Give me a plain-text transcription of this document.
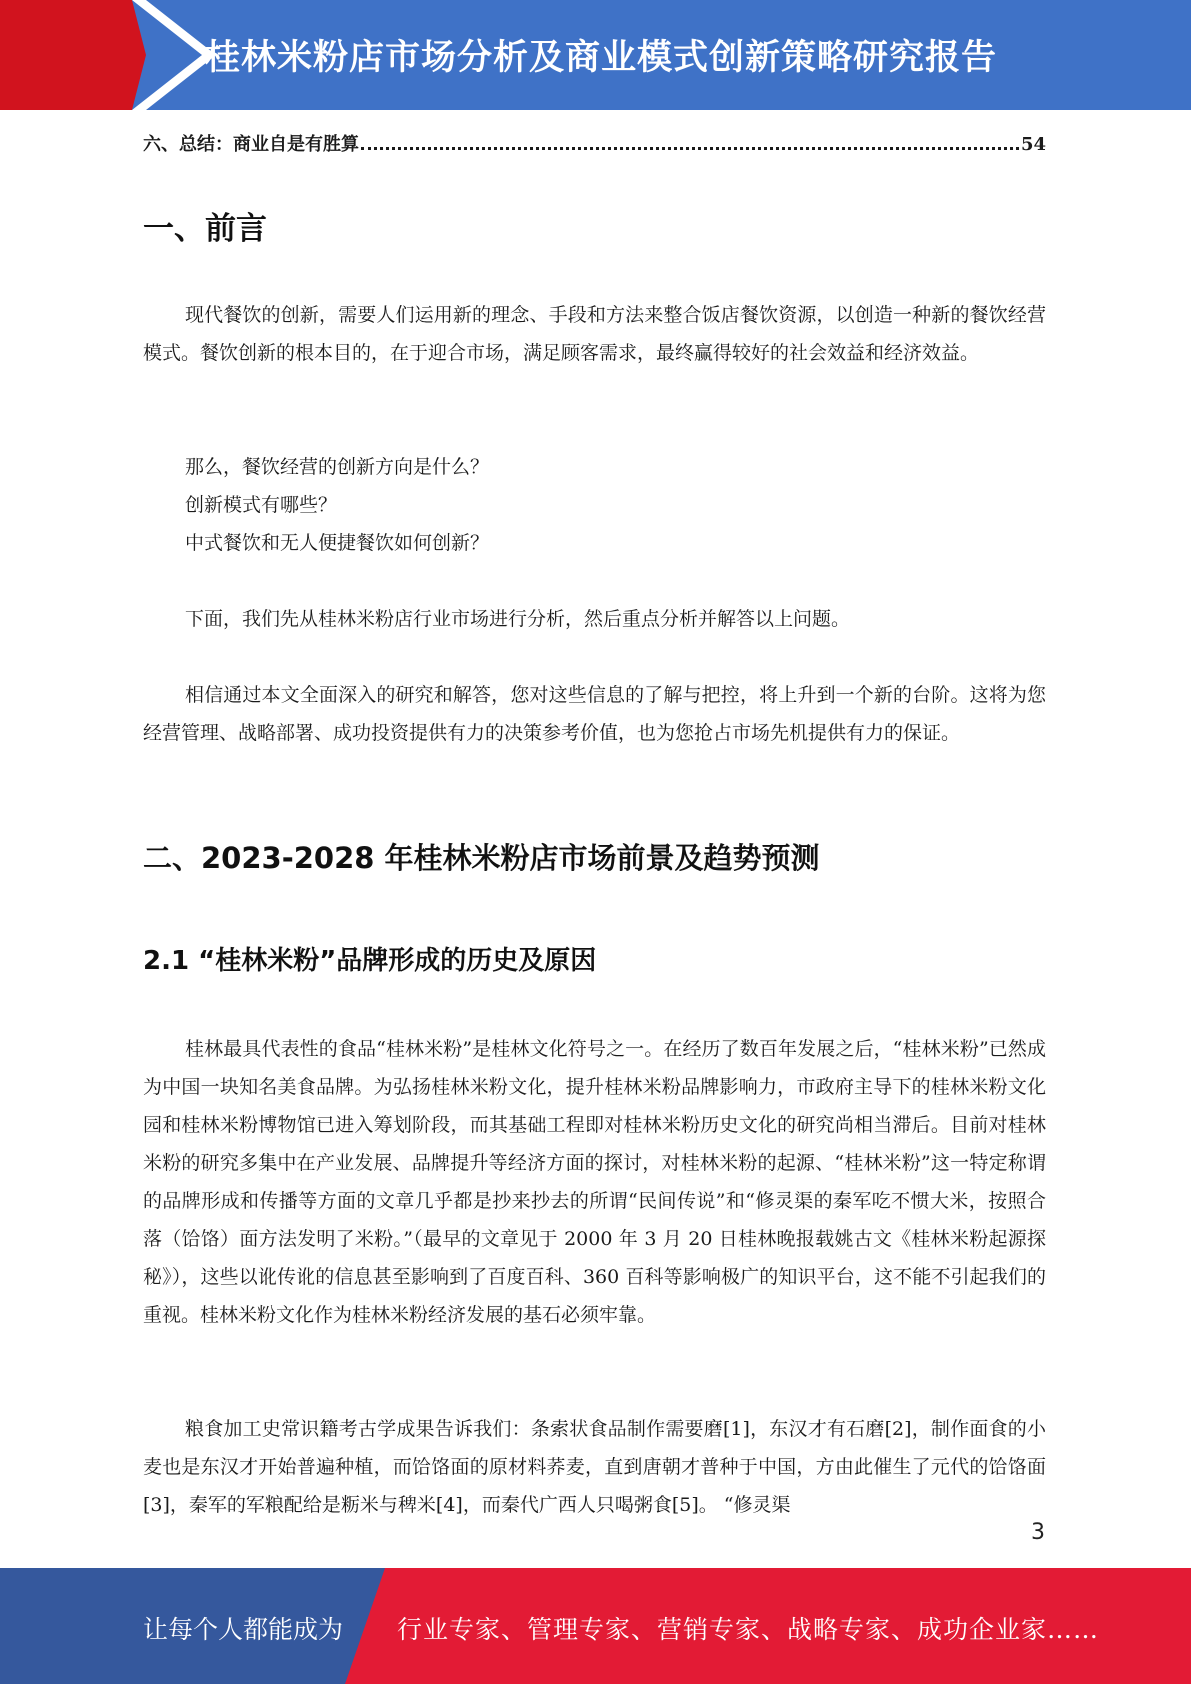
桂林米粉店市场分析及商业模式创新策略研究报告
六、总结：商业自是有胜算	54
一、前言

现代餐饮的创新，需要人们运用新的理念、手段和方法来整合饭店餐饮资源，以创造一种新的餐饮经营模式。餐饮创新的根本目的，在于迎合市场，满足顾客需求，最终赢得较好的社会效益和经济效益。

那么，餐饮经营的创新方向是什么？

创新模式有哪些？

中式餐饮和无人便捷餐饮如何创新？

下面，我们先从桂林米粉店行业市场进行分析，然后重点分析并解答以上问题。

相信通过本文全面深入的研究和解答，您对这些信息的了解与把控，将上升到一个新的台阶。这将为您经营管理、战略部署、成功投资提供有力的决策参考价值，也为您抢占市场先机提供有力的保证。

二、2023-2028 年桂林米粉店市场前景及趋势预测
2.1 “桂林米粉”品牌形成的历史及原因

桂林最具代表性的食品“桂林米粉”是桂林文化符号之一。在经历了数百年发展之后，“桂林米粉”已然成为中国一块知名美食品牌。为弘扬桂林米粉文化，提升桂林米粉品牌影响力，市政府主导下的桂林米粉文化园和桂林米粉博物馆已进入筹划阶段，而其基础工程即对桂林米粉历史文化的研究尚相当滞后。目前对桂林米粉的研究多集中在产业发展、品牌提升等经济方面的探讨，对桂林米粉的起源、“桂林米粉”这一特定称谓的品牌形成和传播等方面的文章几乎都是抄来抄去的所谓“民间传说”和“修灵渠的秦军吃不惯大米，按照合落（饸饹）面方法发明了米粉。”（最早的文章见于 2000 年 3 月 20 日桂林晚报载姚古文《桂林米粉起源探秘》），这些以讹传讹的信息甚至影响到了百度百科、360 百科等影响极广的知识平台，这不能不引起我们的重视。桂林米粉文化作为桂林米粉经济发展的基石必须牢靠。

粮食加工史常识籍考古学成果告诉我们：条索状食品制作需要磨[1]，东汉才有石磨[2]，制作面食的小麦也是东汉才开始普遍种植，而饸饹面的原材料荞麦，直到唐朝才普种于中国，方由此催生了元代的饸饹面[3]，秦军的军粮配给是粝米与稗米[4]，而秦代广西人只喝粥食[5]。 “修灵渠

3
让每个人都能成为 行业专家、管理专家、营销专家、战略专家、成功企业家……
